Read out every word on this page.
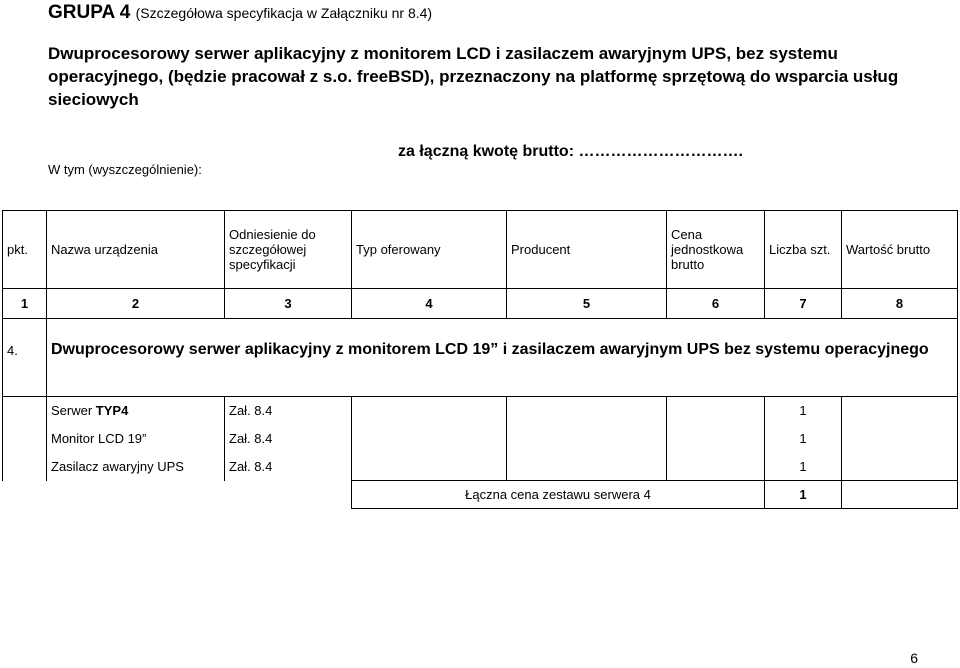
GRUPA 4 (Szczegółowa specyfikacja w Załączniku nr 8.4)
Dwuprocesorowy serwer aplikacyjny z monitorem LCD i zasilaczem awaryjnym UPS, bez systemu operacyjnego, (będzie pracował z s.o. freeBSD), przeznaczony na platformę sprzętową do wsparcia usług sieciowych
za łączną kwotę brutto: ………………………….
W tym (wyszczególnienie):
pkt.	Nazwa urządzenia	Odniesienie do szczegółowej specyfikacji	Typ oferowany	Producent	Cena jednostkowa brutto	Liczba szt.	Wartość brutto
1	2	3	4	5	6	7	8
4.	Dwuprocesorowy serwer aplikacyjny z monitorem LCD 19” i zasilaczem awaryjnym UPS bez systemu operacyjnego						
	Serwer TYP4	Zał. 8.4				1	
	Monitor LCD 19”	Zał. 8.4				1	
	Zasilacz awaryjny UPS	Zał. 8.4				1	
			Łączna cena zestawu serwera 4			1	
6
